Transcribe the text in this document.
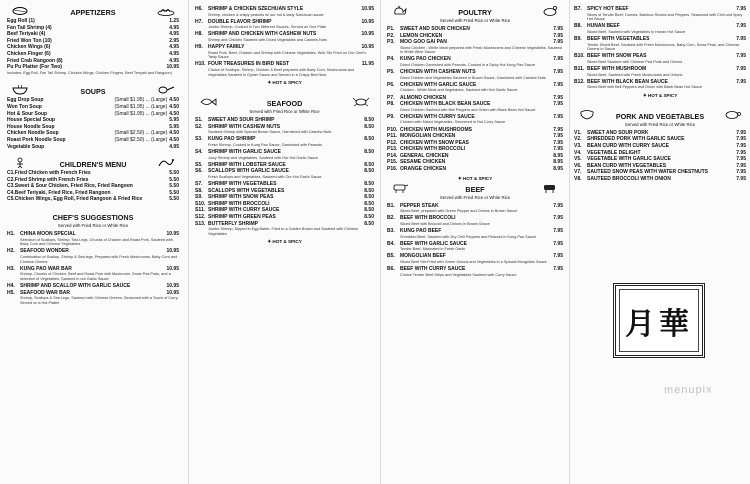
APPETIZERS
Egg Roll (1)	1.25
Fan Tail Shrimp (4)	4.95
Beef Teriyaki (4)	4.95
Fried Won Ton (10)	2.95
Chicken Wings (6)	4.95
Chicken Finger (6)	4.95
Fried Crab Rangoon (8)	4.95
Pu Pu Platter (For Two)	10.95
Includes: Egg Roll, Fan Tail Shrimp, Chicken Wings, Chicken Fingers, Beef Teriyaki and Rangoon)
SOUPS
Egg Drop Soup	(Small $1.95) ... (Large) 4.50
Won Ton Soup	(Small $1.95) ... (Large) 4.50
Hot & Sour Soup	(Small $1.95) ... (Large) 4.50
House Special Soup	5.95
House Noodle Soup	5.95
Chicken Noodle Soup	(Small $2.50) ... (Large) 4.50
Roast Pork Noodle Soup	(Small $2.50) ... (Large) 4.50
Vegetable Soup	4.95
CHILDREN'S MENU
C1.Fried Chicken with French Fries	5.50
C2.Fried Shrimp with French Fries	5.50
C3.Sweet & Sour Chicken, Fried Rice, Fried Rangoon	5.50
C4.Beef Teriyaki, Fried Rice, Fried Rangoon	5.50
C5.Chicken Wings, Egg Roll, Fried Rangoon & Fried Rice	5.50
CHEF'S SUGGESTIONS
Served with Fried Rice or White Rice
H1.	CHINA MOON SPECIAL	10.95
Selection of Scallops, Shrimp, Sea Legs, Chunks of Chicken and Roast Pork, Sauteed with Baby Corn and Chinese Vegetables
H2.	SEAFOOD WONDER	10.95
Combination of Scallop, Shrimp & Sea legs, Prepared with Fresh Mushrooms, Baby Corn and Chinese Greens
H3.	KUNG PAO WAR BAR	10.95
Shrimp, Chunks of Chicken, Beef and Roast Pork with Mushroom, Snow Pea Pods, and a selection of Vegetables, Sauteed in our Garlic Sauce
H4.	SHRIMP AND SCALLOP WITH GARLIC SAUCE	10.95
H5.	SEAFOOD WAR BAR	10.95
Shrimp, Scallops & Sea Legs, Sauteed with Chinese Greens, Seasoned with a Touch of Curry, Served on a Hot Platter
H6.	SHRIMP & CHICKEN SZECHUAN STYLE	10.95
Shrimp, chicken & crispy peanuts w/ our hot & tasty Szechuan sauce
H7.	DOUBLE FLAVOR SHRIMP	10.95
Jumbo Shrimp, Cooked in Two Different Sauces, Served on One Plate
H8.	SHRIMP AND CHICKEN WITH CASHEW NUTS	10.95
Shrimp and Chicken Sauteed with Diced Vegetables and Cashew Nuts
H9.	HAPPY FAMILY	10.95
Roast Pork, Beef, Chicken and Shrimp with Chinese Vegetables, Wok Stir Fried on Our Chef's Tasty Sauce
H10. FOUR TREASURES IN BIRD NEST	11.95
Choice of Scallops, Shrimp, Chicken & Beef prepared with Baby Corn, Mushrooms and Vegetables Sauteed in Oyster Sauce and Served in a Crispy Bird Nest
✦HOT & SPICY
SEAFOOD
Served with Fried Rice or White Rice
S1.	SWEET AND SOUR SHRIMP	8.50
S2.	SHRIMP WITH CASHEW NUTS	8.50
Sauteed Shrimp with Special Brown Sauce, Garnished with Cashew Nuts
S3.	KUNG PAO SHRIMP	8.50
Fresh Shrimp, Cooked in Kung Pao Sauce, Garnished with Peanuts
S4.	SHRIMP WITH GARLIC SAUCE	8.50
Juicy Shrimp and Vegetables, Sauteed with Our Hot Garlic Sauce
S5.	SHRIMP WITH LOBSTER SAUCE	8.50
S6.	SCALLOPS WITH GARLIC SAUCE	8.50
Fresh Scallops and Vegetables, Sauteed with Our Hot Garlic Sauce
S7.	SHRIMP WITH VEGETABLES	8.50
S8.	SCALLOPS WITH VEGETABLES	8.50
S9.	SHRIMP WITH SNOW PEAS	8.50
S10. SHRIMP WITH BROCCOLI	8.50
S11. SHRIMP WITH CURRY SAUCE	8.50
S12. SHRIMP WITH GREEN PEAS	8.50
S13. BUTTERFLY SHRIMP	8.50
Jumbo Shrimp, Dipped in Egg Batter, Fried to a Golden Brown and Sauteed with Chinese Vegetables
✦HOT & SPICY
POULTRY
Served with Fried Rice or White Rice
P1.	SWEET AND SOUR CHICKEN	7.95
P2.	LEMON CHICKEN	7.95
P3.	MOO GOO GAI PAN	7.95
Sliced Chicken - White Meat prepared with Fresh Mushrooms and Chinese Vegetables, Sauteed in White Wine Sauce
P4.	KUNG PAO CHICKEN	7.95
Diced Chicken Garnished with Peanuts, Cooked in a Spicy Hot Kung Pao Sauce
P5.	CHICKEN WITH CASHEW NUTS	7.95
Diced Chicken and Vegetables Sauteed in Brown Sauce, Garnished with Cashew Nuts
P6.	CHICKEN WITH GARLIC SAUCE	7.95
Chicken - White Meat and Vegetables, Sauteed with Hot Garlic Sauce
P7.	ALMOND CHICKEN	7.95
P8.	CHICKEN WITH BLACK BEAN SAUCE	7.95
Diced Chicken Sauteed with Bell Peppers and Onion with Black Bean Hot Sauce
P9.	CHICKEN WITH CURRY SAUCE	7.95
Chicken with Mixed Vegetables, Simmered in Hot Curry Sauce
P10. CHICKEN WITH MUSHROOMS	7.95
P11. MONGOLIAN CHICKEN	7.95
P12. CHICKEN WITH SNOW PEAS	7.95
P13. CHICKEN WITH BROCCOLI	7.95
P14. GENERAL CHICKEN	8.95
P15. SESAME CHICKEN	8.95
P16. ORANGE CHICKEN	8.95
✦HOT & SPICY
BEEF
Served with Fried Rice or White Rice
B1.	PEPPER STEAK	7.95
Sliced Beef, prepared with Green Pepper and Onions in Brown Sauce
B2.	BEEF WITH BROCCOLI	7.95
Sliced Beef with Broccoli and Onions in Brown Sauce
B3.	KUNG PAO BEEF	7.95
Shredded Beef, Sauteed with Dry Chili Peppers and Peanuts in Kung Pao Sauce
B4.	BEEF WITH GARLIC SAUCE	7.95
Tender Beef, Marinated in Fresh Garlic
B5.	MONGOLIAN BEEF	7.95
Sliced Beef Stir-Fried with Green Onions and Vegetables in a Special Mongolian Sauce
B6.	BEEF WITH CURRY SAUCE	7.95
Choice Tender Beef Strips and Vegetables Sauteed with Curry Sauce
B7.	SPICY HOT BEEF	7.95
Slices of Tender Beef, Carrots, Bamboo Shoots and Peppers, Seasoned with Chili and Spicy Hot Sauce
B8.	HUNAN BEEF	7.95
Sliced Beef, Sauteed with Vegetables in Hunan Hot Sauce
B9.	BEEF WITH VEGETABLES	7.95
Tender Sliced Beef, Sauteed with Fresh Mushrooms, Baby Corn, Snow Peas, and Chinese Greens in Sauce
B10. BEEF WITH SNOW PEAS	7.95
Sliced Beef Sauteed with Chinese Pea Pods and Onions
B11. BEEF WITH MUSHROOM	7.95
Sliced Beef, Sauteed with Fresh Mushrooms and Onions
B12. BEEF WITH BLACK BEAN SAUCE	7.95
Sliced Beef with Bell Peppers and Onion with Black Bean Hot Sauce
✦HOT & SPICY
PORK AND VEGETABLES
Served with Fried Rice or White Rice
V1.	SWEET AND SOUR PORK	7.95
V2.	SHREDDED PORK WITH GARLIC SAUCE	7.95
V3.	BEAN CURD WITH CURRY SAUCE	7.95
V4.	VEGETABLE DELIGHT	7.95
V5.	VEGETABLE WITH GARLIC SAUCE	7.95
V6.	BEAN CURD WITH VEGETABLES	7.95
V7.	SAUTEED SNOW PEAS WITH WATER CHESTNUTS	7.95
V8.	SAUTEED BROCCOLI WITH ONION	7.95
月華
menupix
